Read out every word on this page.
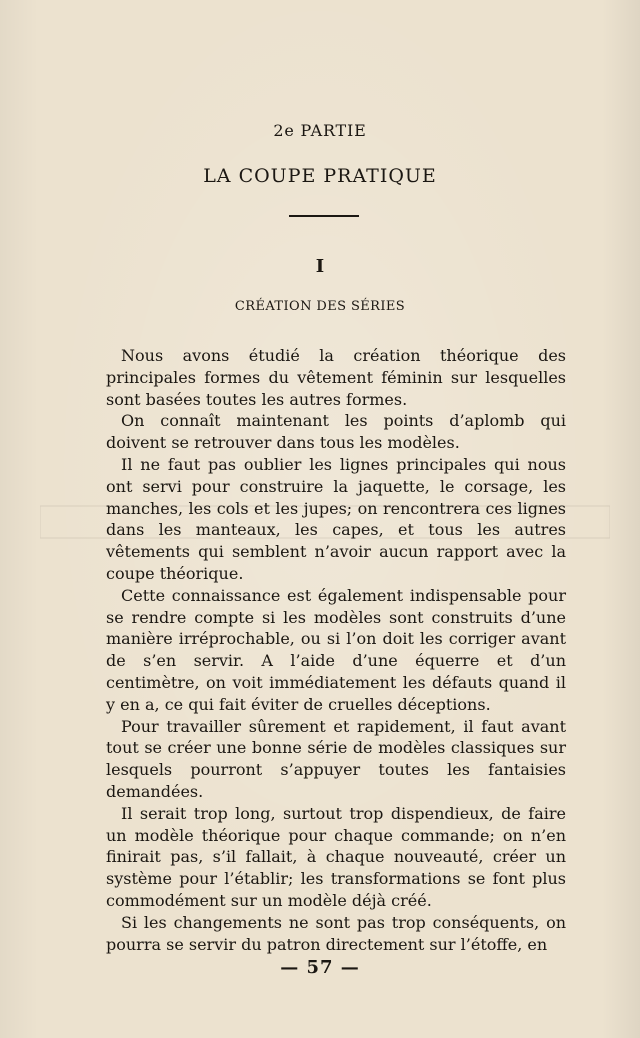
2e PARTIE
LA COUPE PRATIQUE
I
CRÉATION DES SÉRIES

Nous avons étudié la création théorique des principales formes du vêtement féminin sur lesquelles sont basées toutes les autres formes.

On connaît maintenant les points d’aplomb qui doivent se retrouver dans tous les modèles.

Il ne faut pas oublier les lignes principales qui nous ont servi pour construire la jaquette, le corsage, les manches, les cols et les jupes; on rencontrera ces lignes dans les manteaux, les capes, et tous les autres vêtements qui semblent n’avoir aucun rapport avec la coupe théorique.

Cette connaissance est également indispensable pour se rendre compte si les modèles sont construits d’une manière irréprochable, ou si l’on doit les corriger avant de s’en servir. A l’aide d’une équerre et d’un centimètre, on voit immédiatement les défauts quand il y en a, ce qui fait éviter de cruelles déceptions.

Pour travailler sûrement et rapidement, il faut avant tout se créer une bonne série de modèles classiques sur lesquels pourront s’appuyer toutes les fantaisies demandées.

Il serait trop long, surtout trop dispendieux, de faire un modèle théorique pour chaque commande; on n’en finirait pas, s’il fallait, à chaque nouveauté, créer un système pour l’établir; les transformations se font plus commodément sur un modèle déjà créé.

Si les changements ne sont pas trop conséquents, on pourra se servir du patron directement sur l’étoffe, en

— 57 —
